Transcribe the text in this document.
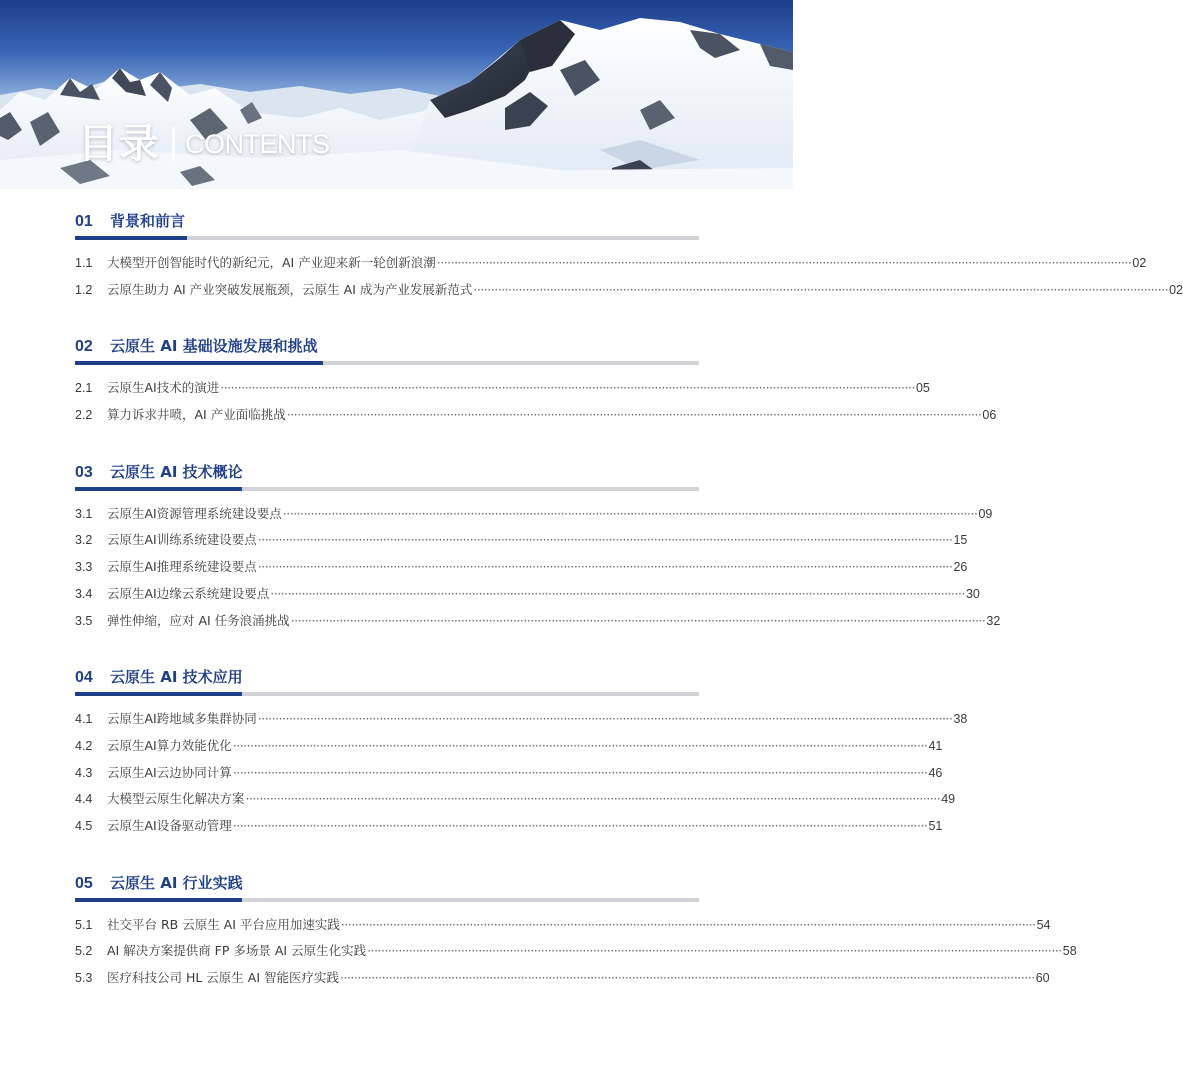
目录 CONTENTS
01	背景和前言
1.1	大模型开创智能时代的新纪元，AI 产业迎来新一轮创新浪潮 ········································································································································································································ 02
1.2	云原生助力 AI 产业突破发展瓶颈，云原生 AI 成为产业发展新范式 ········································································································································································································ 02
02	云原生 AI 基础设施发展和挑战
2.1	云原生AI技术的演进 ········································································································································································································ 05
2.2	算力诉求井喷，AI 产业面临挑战 ········································································································································································································ 06
03	云原生 AI 技术概论
3.1	云原生AI资源管理系统建设要点 ········································································································································································································ 09
3.2	云原生AI训练系统建设要点 ········································································································································································································ 15
3.3	云原生AI推理系统建设要点 ········································································································································································································ 26
3.4	云原生AI边缘云系统建设要点 ········································································································································································································ 30
3.5	弹性伸缩，应对 AI 任务浪涌挑战 ········································································································································································································ 32
04	云原生 AI 技术应用
4.1	云原生AI跨地域多集群协同 ········································································································································································································ 38
4.2	云原生AI算力效能优化 ········································································································································································································ 41
4.3	云原生AI云边协同计算 ········································································································································································································ 46
4.4	大模型云原生化解决方案 ········································································································································································································ 49
4.5	云原生AI设备驱动管理 ········································································································································································································ 51
05	云原生 AI 行业实践
5.1	社交平台 RB 云原生 AI 平台应用加速实践 ········································································································································································································ 54
5.2	AI 解决方案提供商 FP 多场景 AI 云原生化实践 ········································································································································································································ 58
5.3	医疗科技公司 HL 云原生 AI 智能医疗实践 ········································································································································································································ 60
